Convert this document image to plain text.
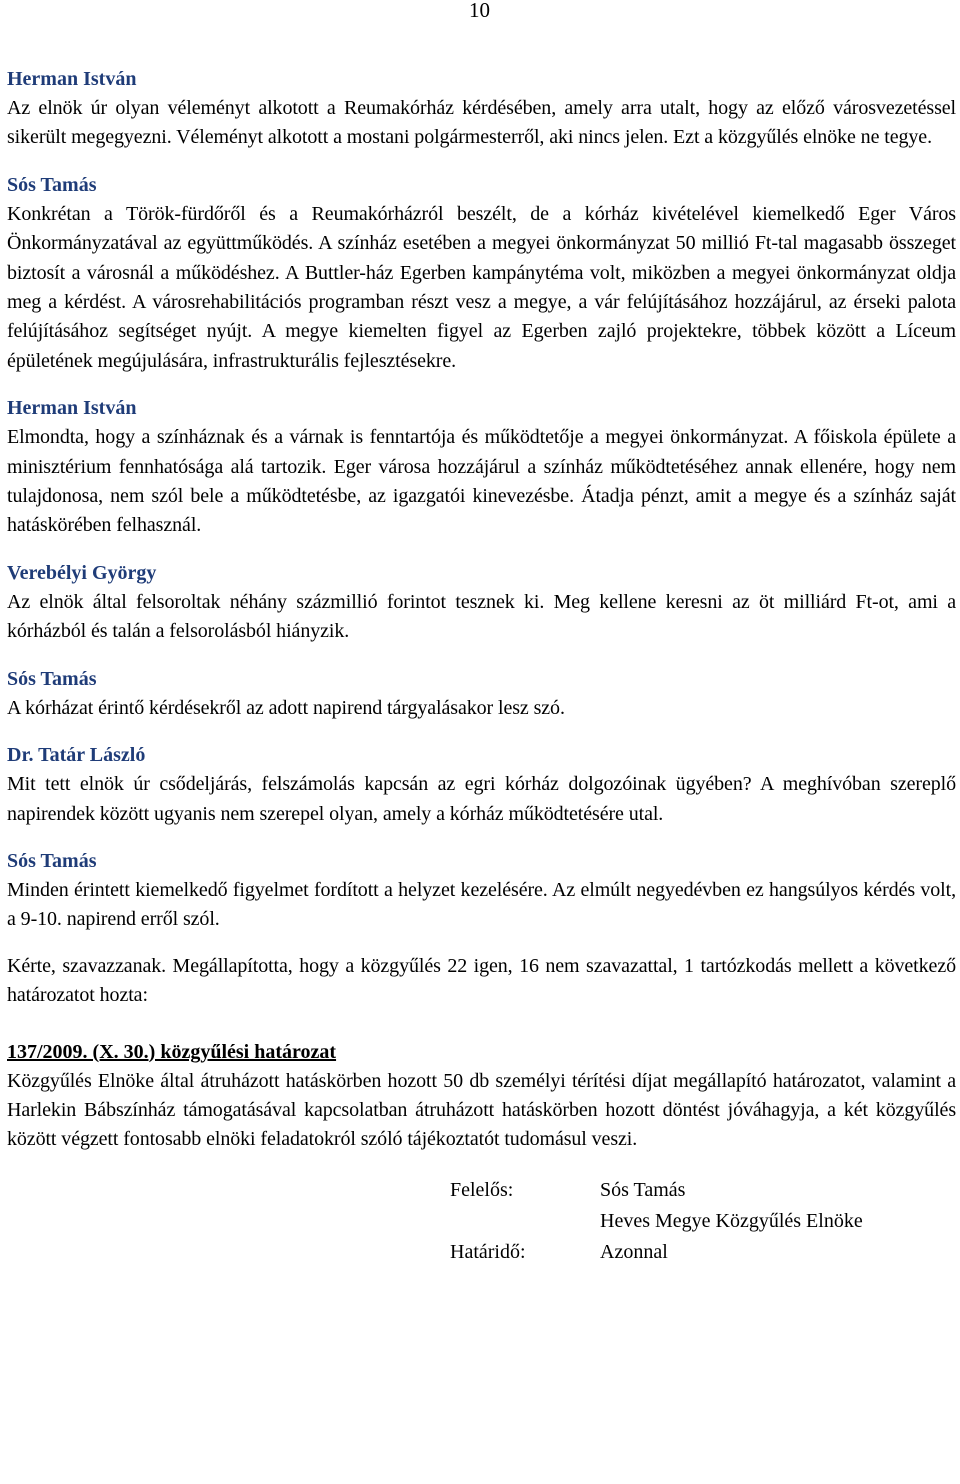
10

Herman István

Az elnök úr olyan véleményt alkotott a Reumakórház kérdésében, amely arra utalt, hogy az előző városvezetéssel sikerült megegyezni. Véleményt alkotott a mostani polgármesterről, aki nincs jelen. Ezt a közgyűlés elnöke ne tegye.

Sós Tamás

Konkrétan a Török-fürdőről és a Reumakórházról beszélt, de a kórház kivételével kiemelkedő Eger Város Önkormányzatával az együttműködés. A színház esetében a megyei önkormányzat 50 millió Ft-tal magasabb összeget biztosít a városnál a működéshez. A Buttler-ház Egerben kampánytéma volt, miközben a megyei önkormányzat oldja meg a kérdést. A városrehabilitációs programban részt vesz a megye, a vár felújításához hozzájárul, az érseki palota felújításához segítséget nyújt. A megye kiemelten figyel az Egerben zajló projektekre, többek között a Líceum épületének megújulására, infrastrukturális fejlesztésekre.

Herman István

Elmondta, hogy a színháznak és a várnak is fenntartója és működtetője a megyei önkormányzat. A főiskola épülete a minisztérium fennhatósága alá tartozik. Eger városa hozzájárul a színház működtetéséhez annak ellenére, hogy nem tulajdonosa, nem szól bele a működtetésbe, az igazgatói kinevezésbe. Átadja pénzt, amit a megye és a színház saját hatáskörében felhasznál.

Verebélyi György

Az elnök által felsoroltak néhány százmillió forintot tesznek ki. Meg kellene keresni az öt milliárd Ft-ot, ami a kórházból és talán a felsorolásból hiányzik.

Sós Tamás

A kórházat érintő kérdésekről az adott napirend tárgyalásakor lesz szó.

Dr. Tatár László

Mit tett elnök úr csődeljárás, felszámolás kapcsán az egri kórház dolgozóinak ügyében? A meghívóban szereplő napirendek között ugyanis nem szerepel olyan, amely a kórház működtetésére utal.

Sós Tamás

Minden érintett kiemelkedő figyelmet fordított a helyzet kezelésére. Az elmúlt negyedévben ez hangsúlyos kérdés volt, a 9-10. napirend erről szól.

Kérte, szavazzanak. Megállapította, hogy a közgyűlés 22 igen, 16 nem szavazattal, 1 tartózkodás mellett a következő határozatot hozta:

137/2009. (X. 30.) közgyűlési határozat

Közgyűlés Elnöke által átruházott hatáskörben hozott 50 db személyi térítési díjat megállapító határozatot, valamint a Harlekin Bábszínház támogatásával kapcsolatban átruházott hatáskörben hozott döntést jóváhagyja, a két közgyűlés között végzett fontosabb elnöki feladatokról szóló tájékoztatót tudomásul veszi.

Felelős:	Sós Tamás
Heves Megye Közgyűlés Elnöke
Határidő:	Azonnal
